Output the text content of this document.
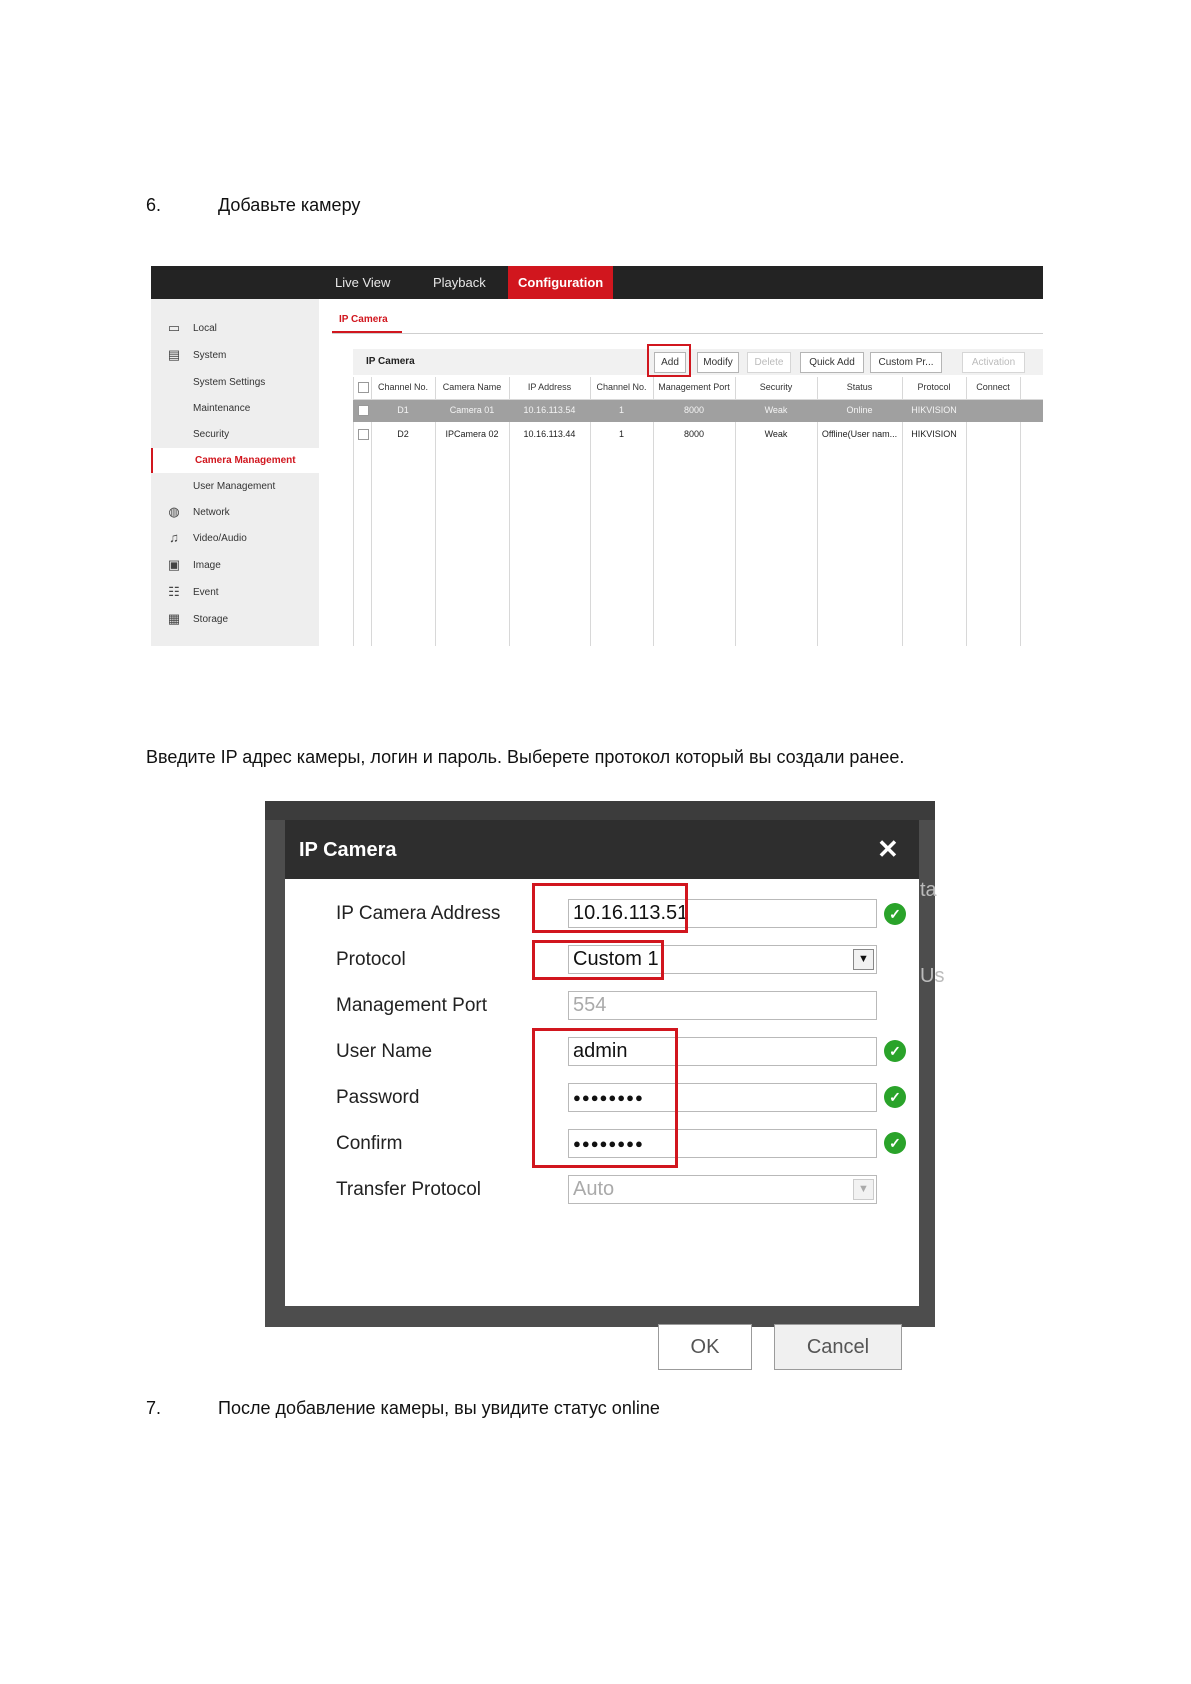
6.	Добавьте камеру
Live View	Playback	Configuration
▭ Local
▤ System
System Settings
Maintenance
Security
Camera Management
User Management
◍ Network
♫ Video/Audio
▣ Image
☷ Event
▦ Storage
IP Camera
IP Camera	Add	Modify	Delete	Quick Add	Custom Pr...	Activation
Channel No.	Camera Name	IP Address	Channel No.	Management Port	Security	Status	Protocol	Connect
D1	Camera 01	10.16.113.54	1	8000	Weak	Online	HIKVISION
D2	IPCamera 02	10.16.113.44	1	8000	Weak	Offline(User nam...	HIKVISION
Введите IP адрес камеры, логин и пароль. Выберете протокол который вы создали ранее.
ta
Us
IP Camera	✕
IP Camera Address	10.16.113.51	✓
Protocol	Custom 1	▼
Management Port	554
User Name	admin	✓
Password	●●●●●●●●	✓
Confirm	●●●●●●●●	✓
Transfer Protocol	Auto	▼
OK	Cancel
7.	После добавление камеры, вы увидите статус online
